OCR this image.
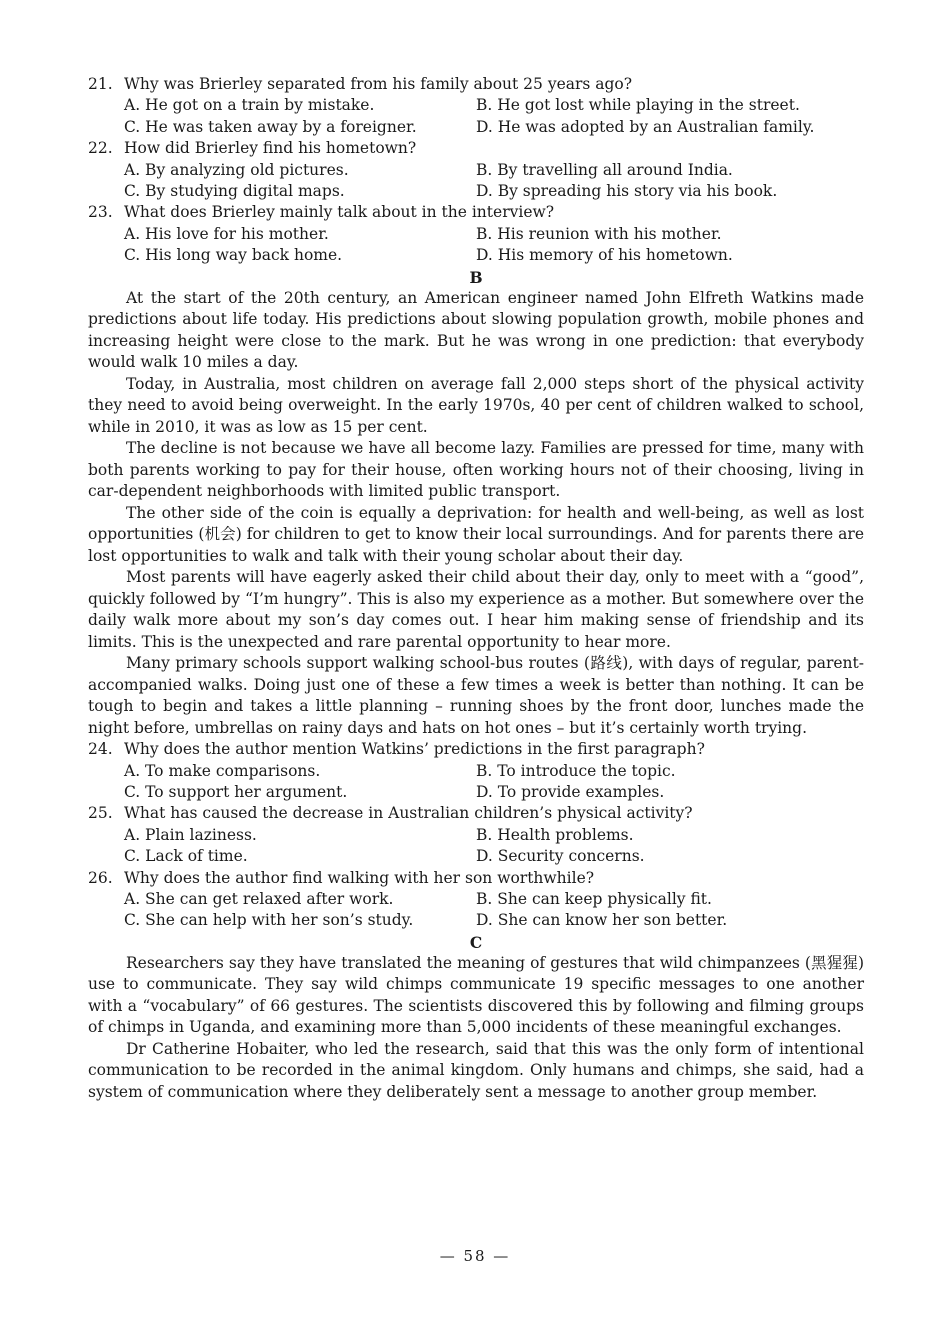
21. Why was Brierley separated from his family about 25 years ago?

A. He got on a train by mistake.	B. He got lost while playing in the street.
C. He was taken away by a foreigner.	D. He was adopted by an Australian family.

22. How did Brierley find his hometown?

A. By analyzing old pictures.	B. By travelling all around India.
C. By studying digital maps.	D. By spreading his story via his book.

23. What does Brierley mainly talk about in the interview?

A. His love for his mother.	B. His reunion with his mother.
C. His long way back home.	D. His memory of his hometown.

B

At the start of the 20th century, an American engineer named John Elfreth Watkins made predictions about life today. His predictions about slowing population growth, mobile phones and increasing height were close to the mark. But he was wrong in one prediction: that everybody would walk 10 miles a day.

Today, in Australia, most children on average fall 2,000 steps short of the physical activity they need to avoid being overweight. In the early 1970s, 40 per cent of children walked to school, while in 2010, it was as low as 15 per cent.

The decline is not because we have all become lazy. Families are pressed for time, many with both parents working to pay for their house, often working hours not of their choosing, living in car-dependent neighborhoods with limited public transport.

The other side of the coin is equally a deprivation: for health and well-being, as well as lost opportunities (机会) for children to get to know their local surroundings. And for parents there are lost opportunities to walk and talk with their young scholar about their day.

Most parents will have eagerly asked their child about their day, only to meet with a “good”, quickly followed by “I’m hungry”. This is also my experience as a mother. But somewhere over the daily walk more about my son’s day comes out. I hear him making sense of friendship and its limits. This is the unexpected and rare parental opportunity to hear more.

Many primary schools support walking school-bus routes (路线), with days of regular, parent-accompanied walks. Doing just one of these a few times a week is better than nothing. It can be tough to begin and takes a little planning – running shoes by the front door, lunches made the night before, umbrellas on rainy days and hats on hot ones – but it’s certainly worth trying.

24. Why does the author mention Watkins’ predictions in the first paragraph?

A. To make comparisons.	B. To introduce the topic.
C. To support her argument.	D. To provide examples.

25. What has caused the decrease in Australian children’s physical activity?

A. Plain laziness.	B. Health problems.
C. Lack of time.	D. Security concerns.

26. Why does the author find walking with her son worthwhile?

A. She can get relaxed after work.	B. She can keep physically fit.
C. She can help with her son’s study.	D. She can know her son better.

C

Researchers say they have translated the meaning of gestures that wild chimpanzees (黑猩猩) use to communicate. They say wild chimps communicate 19 specific messages to one another with a “vocabulary” of 66 gestures. The scientists discovered this by following and filming groups of chimps in Uganda, and examining more than 5,000 incidents of these meaningful exchanges.

Dr Catherine Hobaiter, who led the research, said that this was the only form of intentional communication to be recorded in the animal kingdom. Only humans and chimps, she said, had a system of communication where they deliberately sent a message to another group member.

— 58 —
